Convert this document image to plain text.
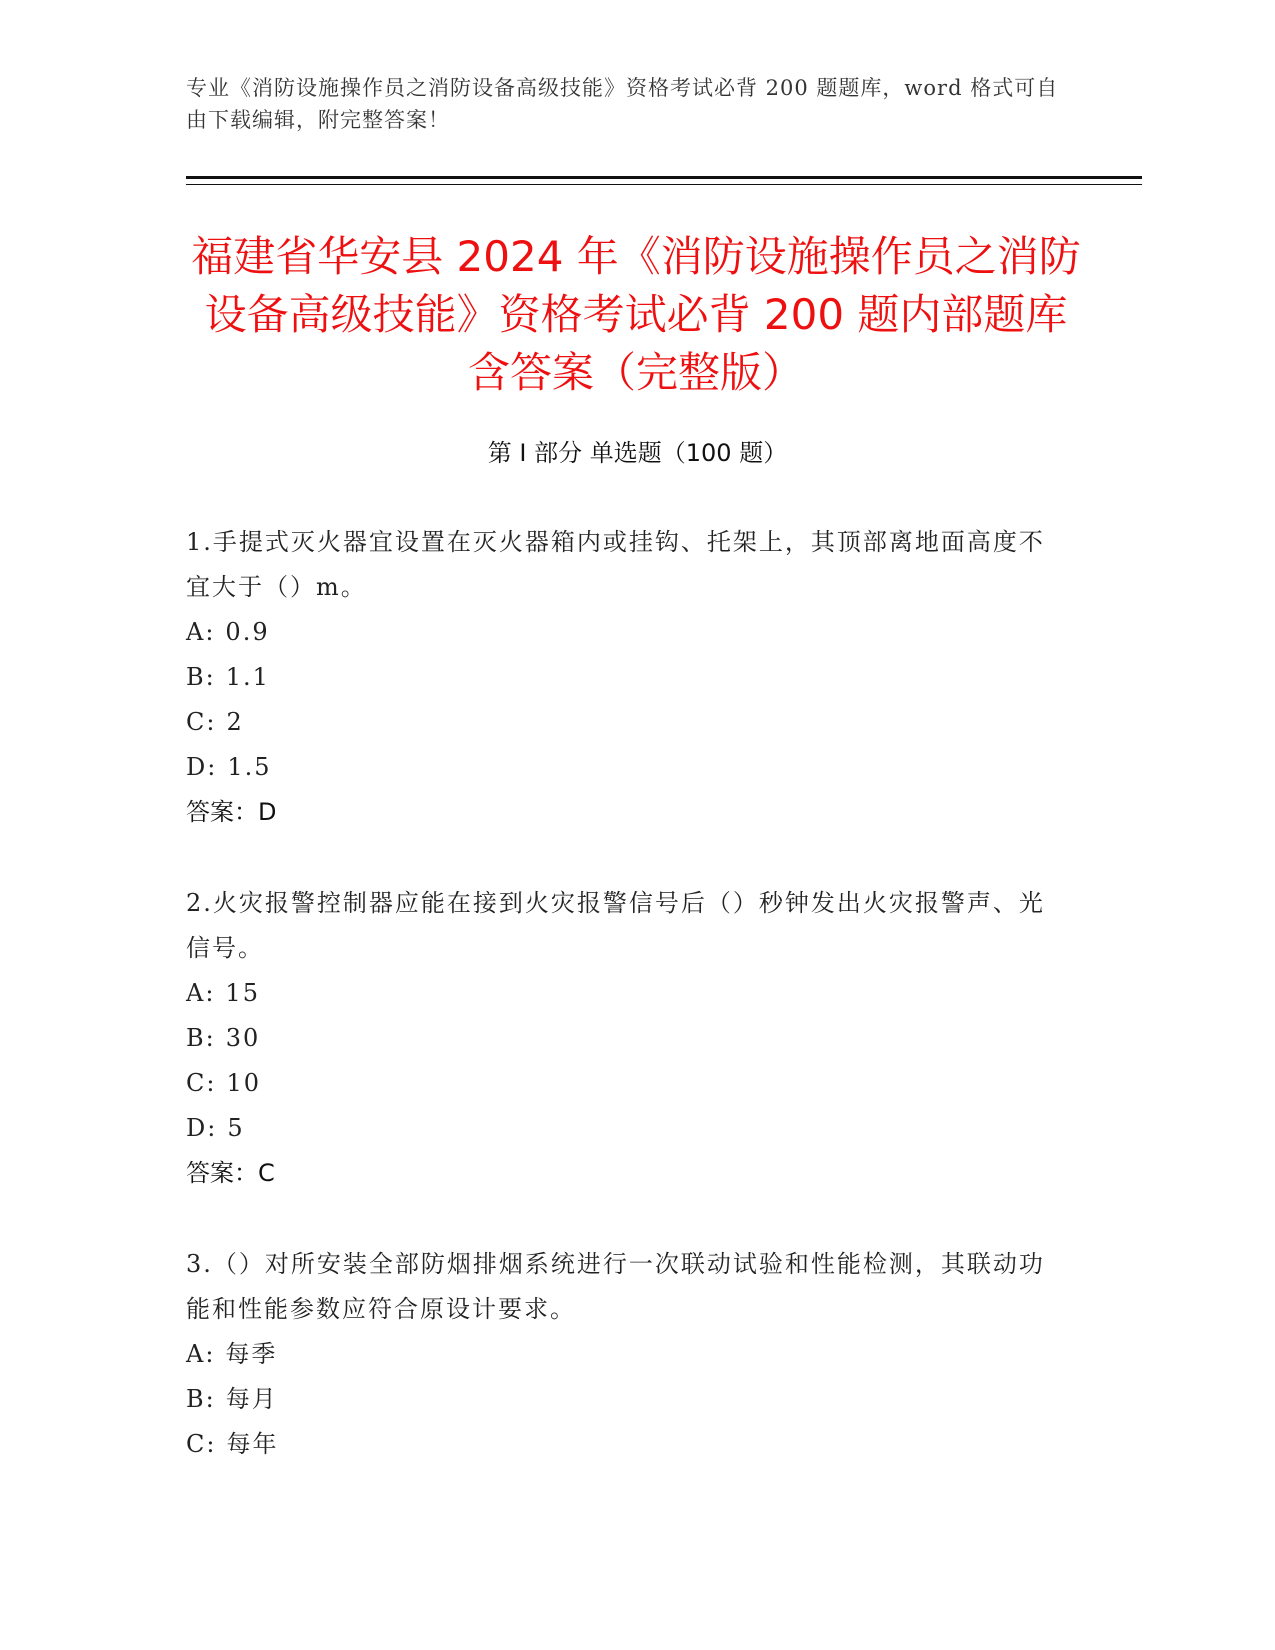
专业《消防设施操作员之消防设备高级技能》资格考试必背 200 题题库，word 格式可自由下载编辑，附完整答案！
福建省华安县 2024 年《消防设施操作员之消防设备高级技能》资格考试必背 200 题内部题库含答案（完整版）
第 I 部分 单选题（100 题）
1.手提式灭火器宜设置在灭火器箱内或挂钩、托架上，其顶部离地面高度不宜大于（）m。
A: 0.9
B: 1.1
C: 2
D: 1.5
答案：D
2.火灾报警控制器应能在接到火灾报警信号后（）秒钟发出火灾报警声、光信号。
A: 15
B: 30
C: 10
D: 5
答案：C
3.（）对所安装全部防烟排烟系统进行一次联动试验和性能检测，其联动功能和性能参数应符合原设计要求。
A: 每季
B: 每月
C: 每年
